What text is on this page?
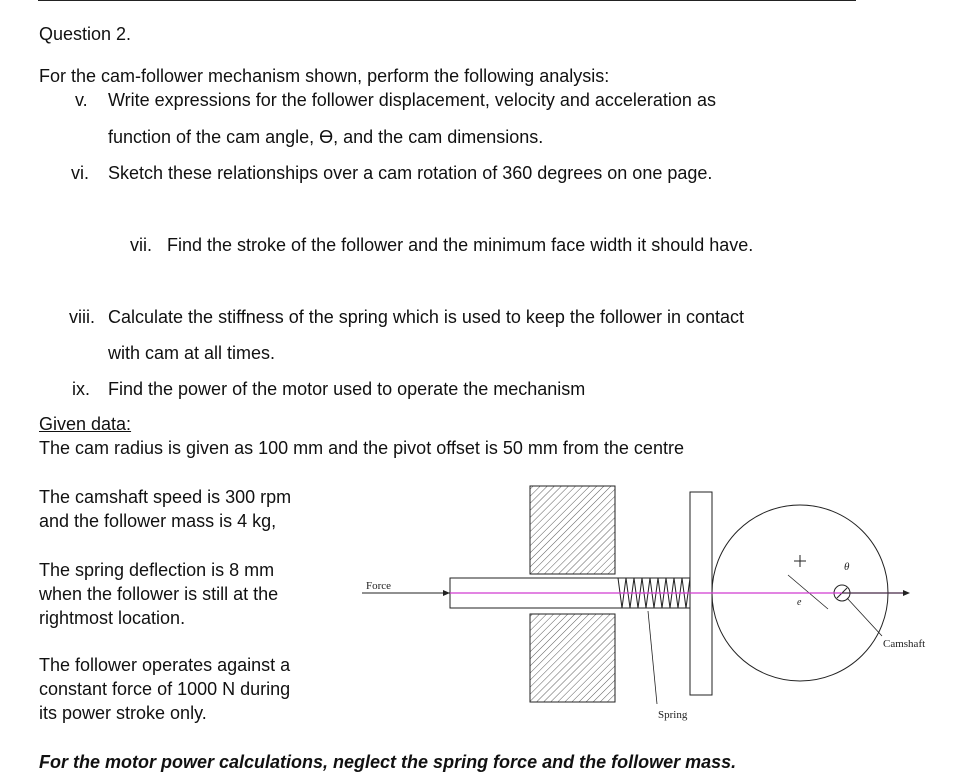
Question 2.
For the cam-follower mechanism shown, perform the following analysis:
v. Write expressions for the follower displacement, velocity and acceleration as
function of the cam angle, ϴ, and the cam dimensions.
vi. Sketch these relationships over a cam rotation of 360 degrees on one page.
vii. Find the stroke of the follower and the minimum face width it should have.
viii. Calculate the stiffness of the spring which is used to keep the follower in contact
with cam at all times.
ix. Find the power of the motor used to operate the mechanism
Given data:
The cam radius is given as 100 mm and the pivot offset is 50 mm from the centre
The camshaft speed is 300 rpm
and the follower mass is 4 kg,
The spring deflection is 8 mm
when the follower is still at the
rightmost location.
The follower operates against a
constant force of 1000 N during
its power stroke only.
Force
θ
e
Camshaft
Spring
For the motor power calculations, neglect the spring force and the follower mass.
